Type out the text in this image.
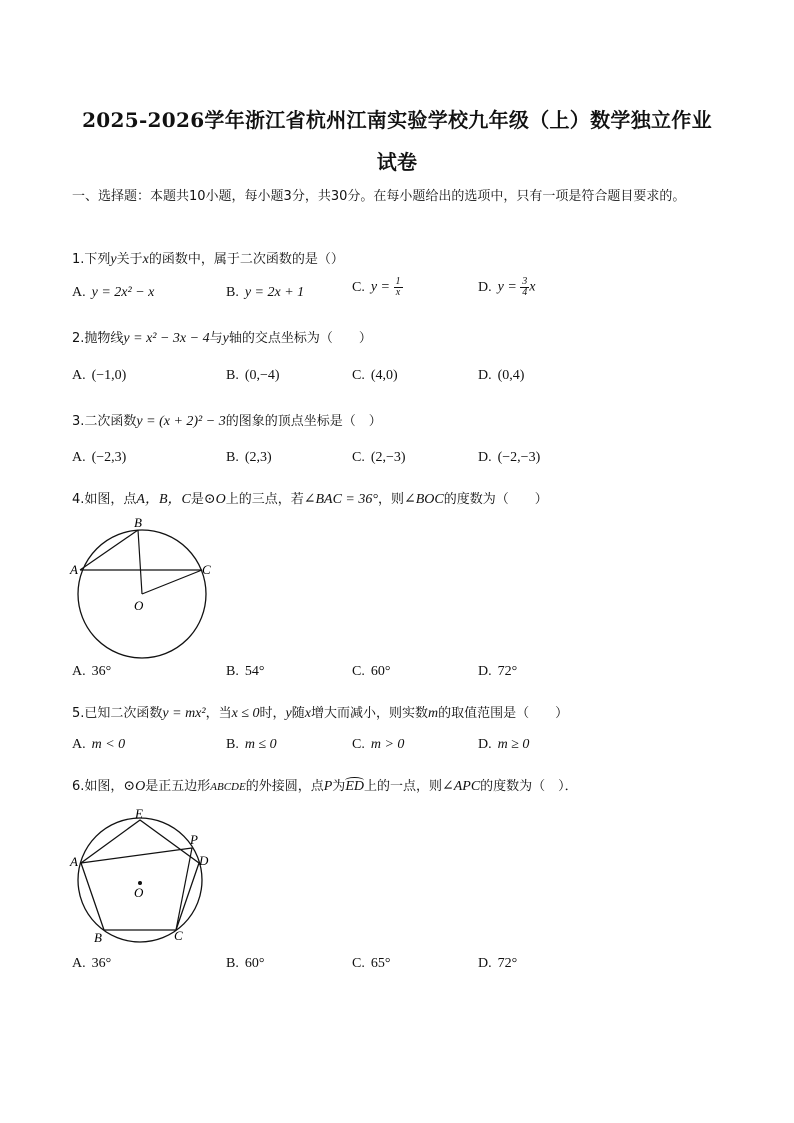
2025-2026学年浙江省杭州江南实验学校九年级（上）数学独立作业
试卷
一、选择题：本题共10小题，每小题3分，共30分。在每小题给出的选项中，只有一项是符合题目要求的。
1.下列y关于x的函数中，属于二次函数的是（）
A. y = 2x² − x	B. y = 2x + 1	C. $y = \frac{1}{x}$	D. $y = \frac{3}{4}$ x
2.抛物线y = x² − 3x − 4与y轴的交点坐标为（　　）
A. (−1,0)	B. (0,−4)	C. (4,0)	D. (0,4)
3.二次函数y = (x + 2)² − 3的图象的顶点坐标是（　）
A. (−2,3)	B. (2,3)	C. (2,−3)	D. (−2,−3)
4.如图，点A，B，C是⊙O上的三点，若∠BAC = 36°，则∠BOC的度数为（　　）
B
A	C
O
A. 36°	B. 54°	C. 60°	D. 72°
5.已知二次函数y = mx²，当x ≤ 0时，y随x增大而减小，则实数m的取值范围是（　　）
A. m < 0	B. m ≤ 0	C. m > 0	D. m ≥ 0
6.如图，⊙O是正五边形ABCDE的外接圆，点P为ED上的一点，则∠APC的度数为（　）．
E
P
A	D
O
B	C
A. 36°	B. 60°	C. 65°	D. 72°
